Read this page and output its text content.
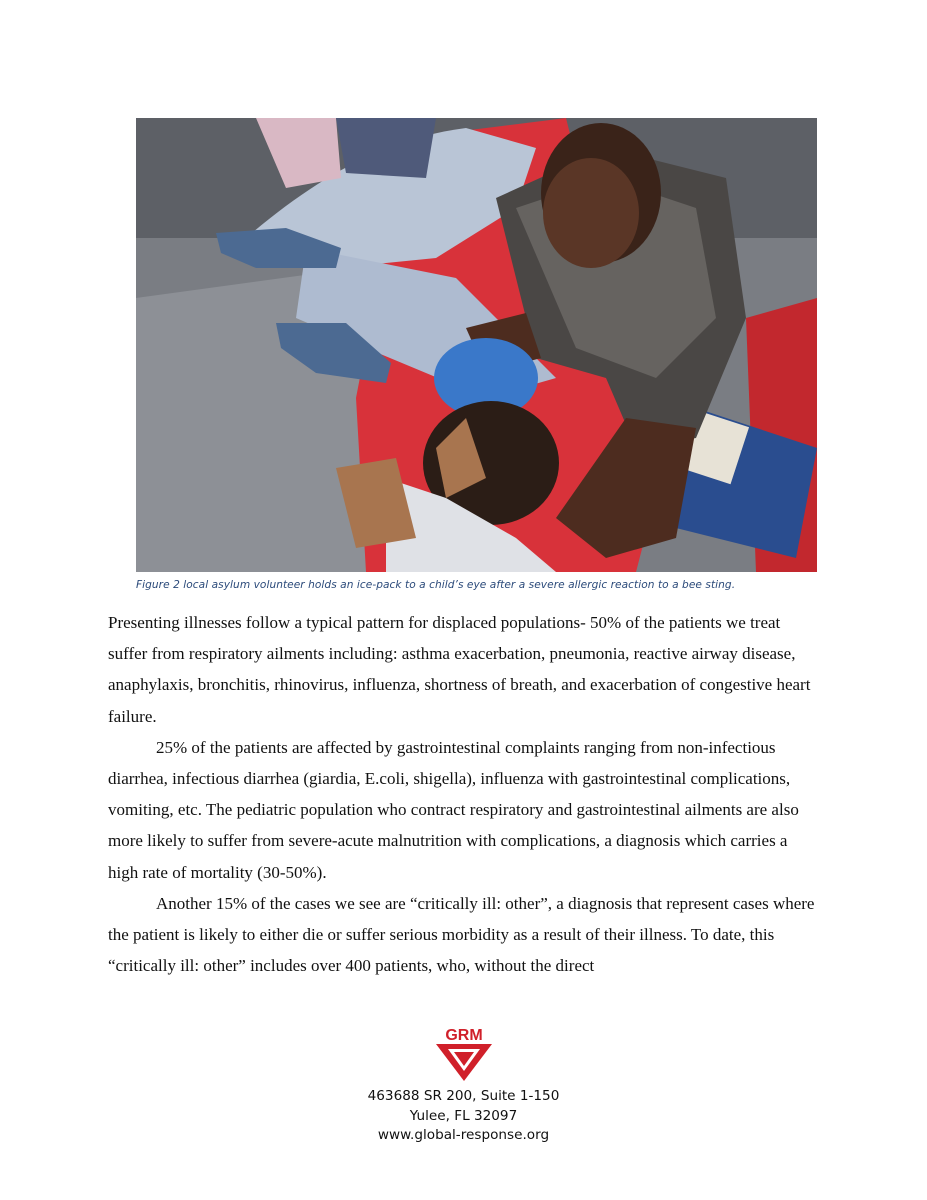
Figure 2 local asylum volunteer holds an ice-pack to a child’s eye after a severe allergic reaction to a bee sting.

Presenting illnesses follow a typical pattern for displaced populations- 50% of the patients we treat suffer from respiratory ailments including: asthma exacerbation, pneumonia, reactive airway disease, anaphylaxis, bronchitis, rhinovirus, influenza, shortness of breath, and exacerbation of congestive heart failure.

25% of the patients are affected by gastrointestinal complaints ranging from non-infectious diarrhea, infectious diarrhea (giardia, E.coli, shigella), influenza with gastrointestinal complications, vomiting, etc. The pediatric population who contract respiratory and gastrointestinal ailments are also more likely to suffer from severe-acute malnutrition with complications, a diagnosis which carries a high rate of mortality (30-50%).

Another 15% of the cases we see are “critically ill: other”, a diagnosis that represent cases where the patient is likely to either die or suffer serious morbidity as a result of their illness. To date, this “critically ill: other” includes over 400 patients, who, without the direct

GRM
463688 SR 200, Suite 1-150
Yulee, FL 32097
www.global-response.org
